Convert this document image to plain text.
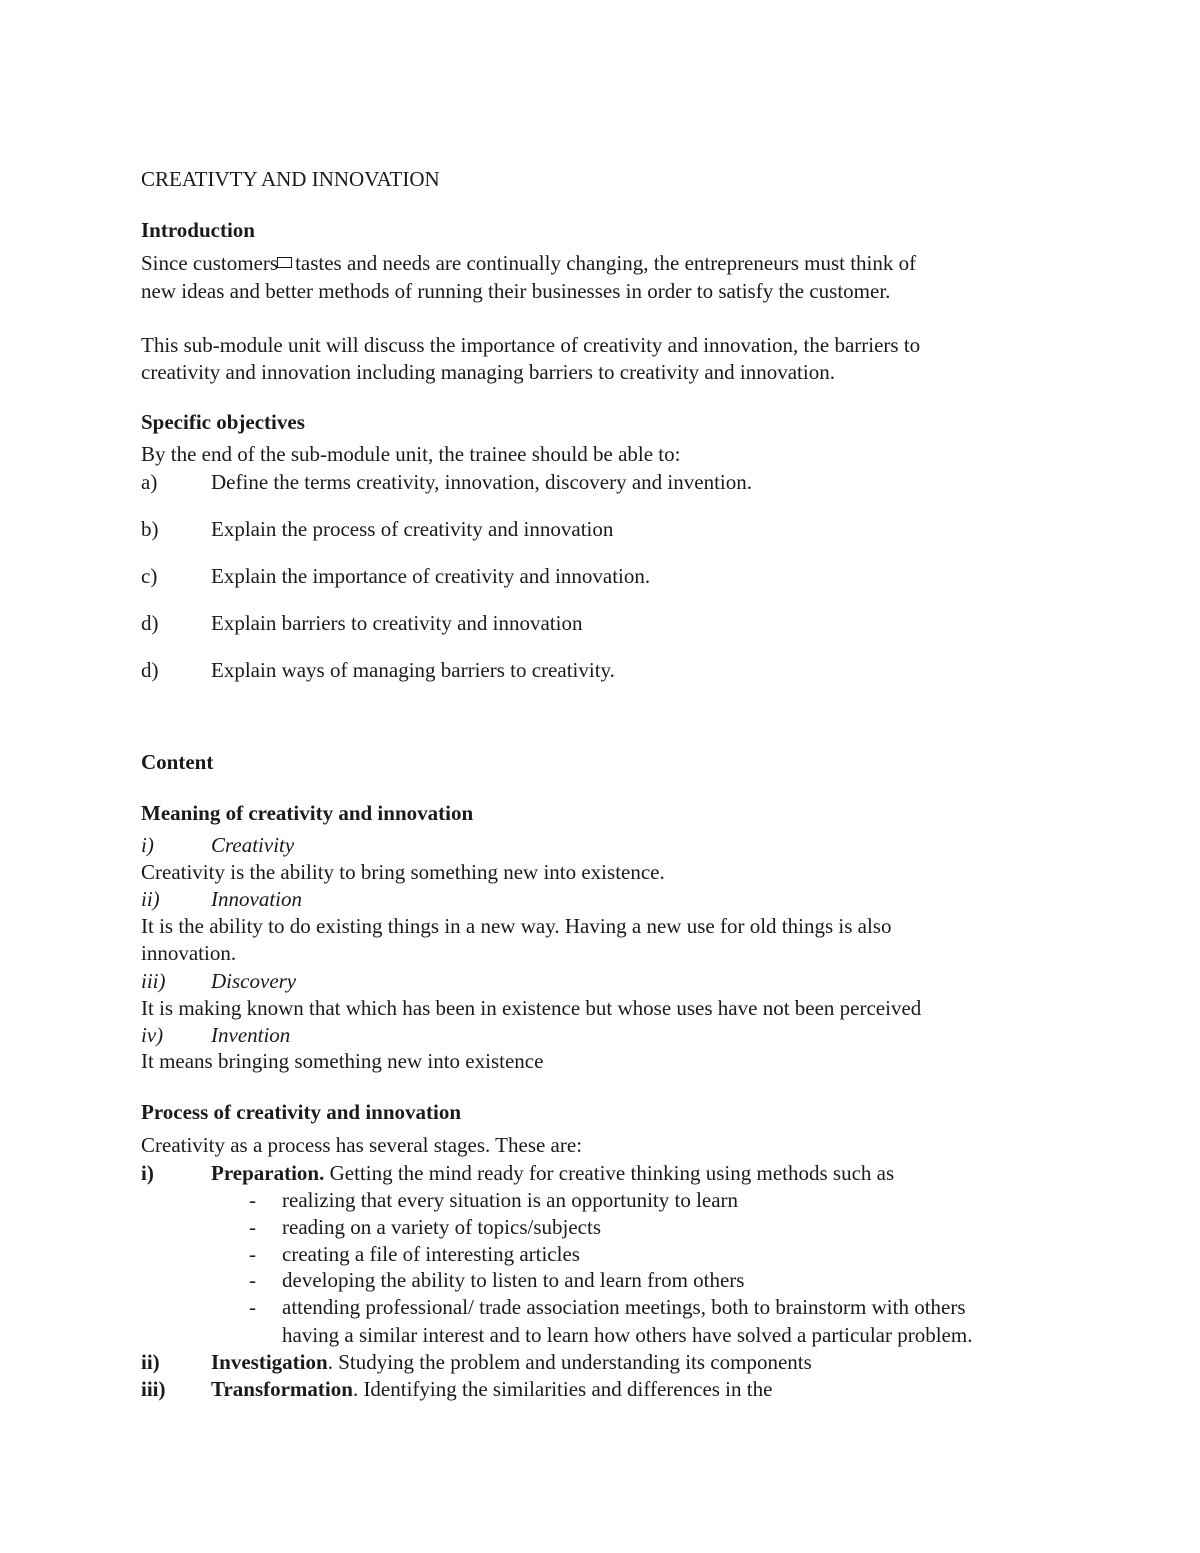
CREATIVTY AND INNOVATION
Introduction
Since customers tastes and needs are continually changing, the entrepreneurs must think of
new ideas and better methods of running their businesses in order to satisfy the customer.
This sub-module unit will discuss the importance of creativity and innovation, the barriers to
creativity and innovation including managing barriers to creativity and innovation.
Specific objectives
By the end of the sub-module unit, the trainee should be able to:
a)	Define the terms creativity, innovation, discovery and invention.
b)	Explain the process of creativity and innovation
c)	Explain the importance of creativity and innovation.
d)	Explain barriers to creativity and innovation
d)	Explain ways of managing barriers to creativity.
Content
Meaning of creativity and innovation
i)	Creativity
Creativity is the ability to bring something new into existence.
ii) Innovation
It is the ability to do existing things in a new way. Having a new use for old things is also
innovation.
iii) Discovery
It is making known that which has been in existence but whose uses have not been perceived
iv) Invention
It means bringing something new into existence
Process of creativity and innovation
Creativity as a process has several stages. These are:
i)	Preparation. Getting the mind ready for creative thinking using methods such as
- realizing that every situation is an opportunity to learn
- reading on a variety of topics/subjects
- creating a file of interesting articles
- developing the ability to listen to and learn from others
- attending professional/ trade association meetings, both to brainstorm with others
having a similar interest and to learn how others have solved a particular problem.
ii) Investigation. Studying the problem and understanding its components
iii) Transformation. Identifying the similarities and differences in the
